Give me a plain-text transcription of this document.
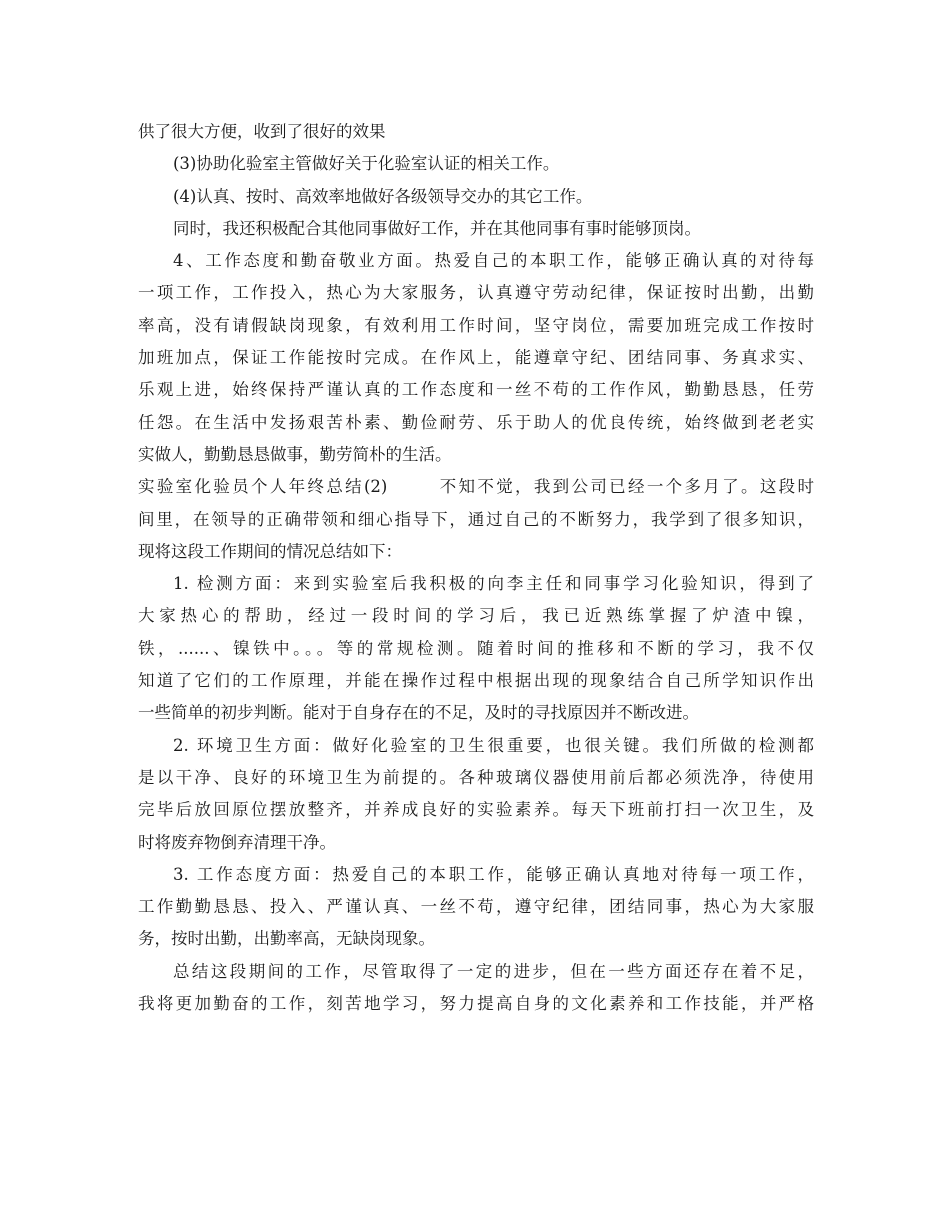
供了很大方便，收到了很好的效果
(3)协助化验室主管做好关于化验室认证的相关工作。
(4)认真、按时、高效率地做好各级领导交办的其它工作。
同时，我还积极配合其他同事做好工作，并在其他同事有事时能够顶岗。
4、工作态度和勤奋敬业方面。热爱自己的本职工作，能够正确认真的对待每
一项工作，工作投入，热心为大家服务，认真遵守劳动纪律，保证按时出勤，出勤
率高，没有请假缺岗现象，有效利用工作时间，坚守岗位，需要加班完成工作按时
加班加点，保证工作能按时完成。在作风上，能遵章守纪、团结同事、务真求实、
乐观上进，始终保持严谨认真的工作态度和一丝不苟的工作作风，勤勤恳恳，任劳
任怨。在生活中发扬艰苦朴素、勤俭耐劳、乐于助人的优良传统，始终做到老老实
实做人，勤勤恳恳做事，勤劳简朴的生活。
实验室化验员个人年终总结(2)	不知不觉，我到公司已经一个多月了。这段时
间里，在领导的正确带领和细心指导下，通过自己的不断努力，我学到了很多知识，
现将这段工作期间的情况总结如下：
1. 检测方面：来到实验室后我积极的向李主任和同事学习化验知识，得到了
大家热心的帮助，经过一段时间的学习后，我已近熟练掌握了炉渣中镍，
铁，......、镍铁中。。。等的常规检测。随着时间的推移和不断的学习，我不仅
知道了它们的工作原理，并能在操作过程中根据出现的现象结合自己所学知识作出
一些简单的初步判断。能对于自身存在的不足，及时的寻找原因并不断改进。
2. 环境卫生方面：做好化验室的卫生很重要，也很关键。我们所做的检测都
是以干净、良好的环境卫生为前提的。各种玻璃仪器使用前后都必须洗净，待使用
完毕后放回原位摆放整齐，并养成良好的实验素养。每天下班前打扫一次卫生，及
时将废弃物倒弃清理干净。
3. 工作态度方面：热爱自己的本职工作，能够正确认真地对待每一项工作，
工作勤勤恳恳、投入、严谨认真、一丝不苟，遵守纪律，团结同事，热心为大家服
务，按时出勤，出勤率高，无缺岗现象。
总结这段期间的工作，尽管取得了一定的进步，但在一些方面还存在着不足，
我将更加勤奋的工作，刻苦地学习，努力提高自身的文化素养和工作技能，并严格
